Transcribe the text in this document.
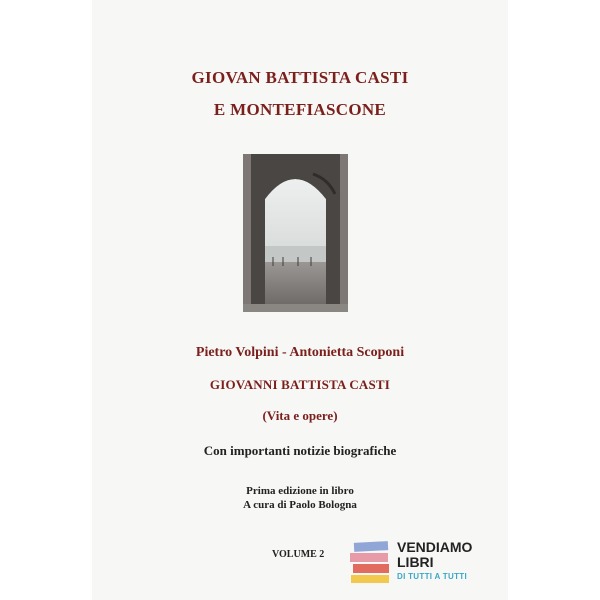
GIOVAN BATTISTA CASTI
E MONTEFIASCONE
Pietro Volpini - Antonietta Scoponi
GIOVANNI BATTISTA CASTI
(Vita e opere)
Con importanti notizie biografiche
Prima edizione in libro
A cura di Paolo Bologna
VOLUME 2	VENDIAMO
LIBRI
DI TUTTI A TUTTI
